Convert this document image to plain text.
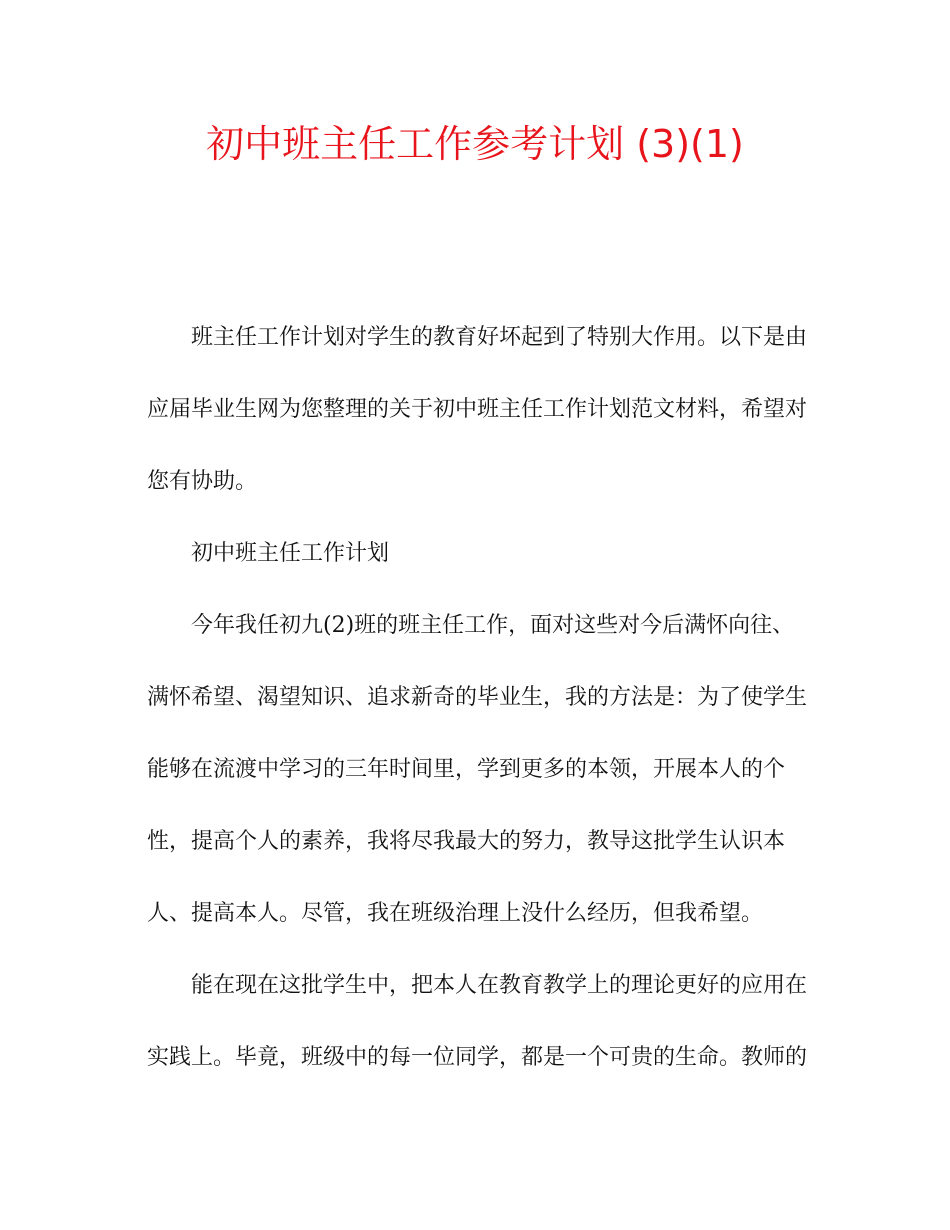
初中班主任工作参考计划 (3)(1)
班主任工作计划对学生的教育好坏起到了特别大作用。以下是由
应届毕业生网为您整理的关于初中班主任工作计划范文材料，希望对
您有协助。
初中班主任工作计划
今年我任初九(2)班的班主任工作，面对这些对今后满怀向往、
满怀希望、渴望知识、追求新奇的毕业生，我的方法是：为了使学生
能够在流渡中学习的三年时间里，学到更多的本领，开展本人的个
性，提高个人的素养，我将尽我最大的努力，教导这批学生认识本
人、提高本人。尽管，我在班级治理上没什么经历，但我希望。
能在现在这批学生中，把本人在教育教学上的理论更好的应用在
实践上。毕竟，班级中的每一位同学，都是一个可贵的生命。教师的
